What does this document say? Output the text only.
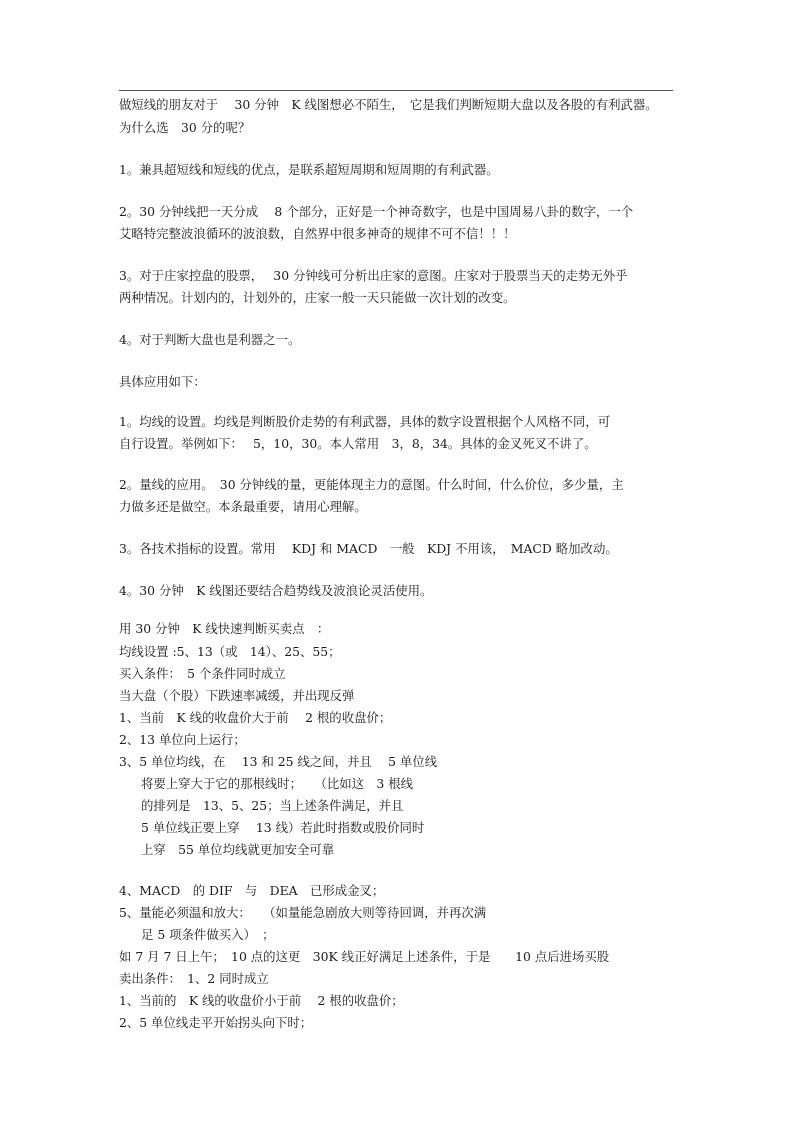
做短线的朋友对于　 30 分钟　K 线图想必不陌生，　它是我们判断短期大盘以及各股的有利武器。
为什么选　30 分的呢？
1。兼具超短线和短线的优点，是联系超短周期和短周期的有利武器。
2。30 分钟线把一天分成　 8 个部分，正好是一个神奇数字，也是中国周易八卦的数字，一个
艾略特完整波浪循环的波浪数，自然界中很多神奇的规律不可不信！！！
3。对于庄家控盘的股票，　 30 分钟线可分析出庄家的意图。庄家对于股票当天的走势无外乎
两种情况。计划内的，计划外的，庄家一般一天只能做一次计划的改变。
4。对于判断大盘也是利器之一。
具体应用如下：
1。均线的设置。均线是判断股价走势的有利武器，具体的数字设置根据个人风格不同，可
自行设置。举例如下：　 5，10，30。本人常用　3，8，34。具体的金叉死叉不讲了。
2。量线的应用。　30 分钟线的量，更能体现主力的意图。什么时间，什么价位，多少量，主
力做多还是做空。本条最重要，请用心理解。
3。各技术指标的设置。常用　 KDJ 和 MACD　一般　KDJ 不用该，　MACD 略加改动。
4。30 分钟　K 线图还要结合趋势线及波浪论灵活使用。
用 30 分钟　K 线快速判断买卖点　：
均线设置 :5、13（或　14）、25、55；
买入条件：　5 个条件同时成立
当大盘（个股）下跌速率减缓，并出现反弹
1、当前　K 线的收盘价大于前　 2 根的收盘价；
2、13 单位向上运行；
3、5 单位均线，在　 13 和 25 线之间，并且　 5 单位线
将要上穿大于它的那根线时；　　（比如这　3 根线
的排列是　13、5、25；当上述条件满足，并且
5 单位线正要上穿　 13 线）若此时指数或股价同时
上穿　55 单位均线就更加安全可靠
4、MACD　的 DIF　与　DEA　已形成金叉；
5、量能必须温和放大：　　（如量能急剧放大则等待回调，并再次满
足 5 项条件做买入）　；
如 7 月 7 日上午；　10 点的这更　30K 线正好满足上述条件，于是　　10 点后进场买股
卖出条件：　1、2 同时成立
1、当前的　K 线的收盘价小于前　 2 根的收盘价；
2、5 单位线走平开始拐头向下时；
